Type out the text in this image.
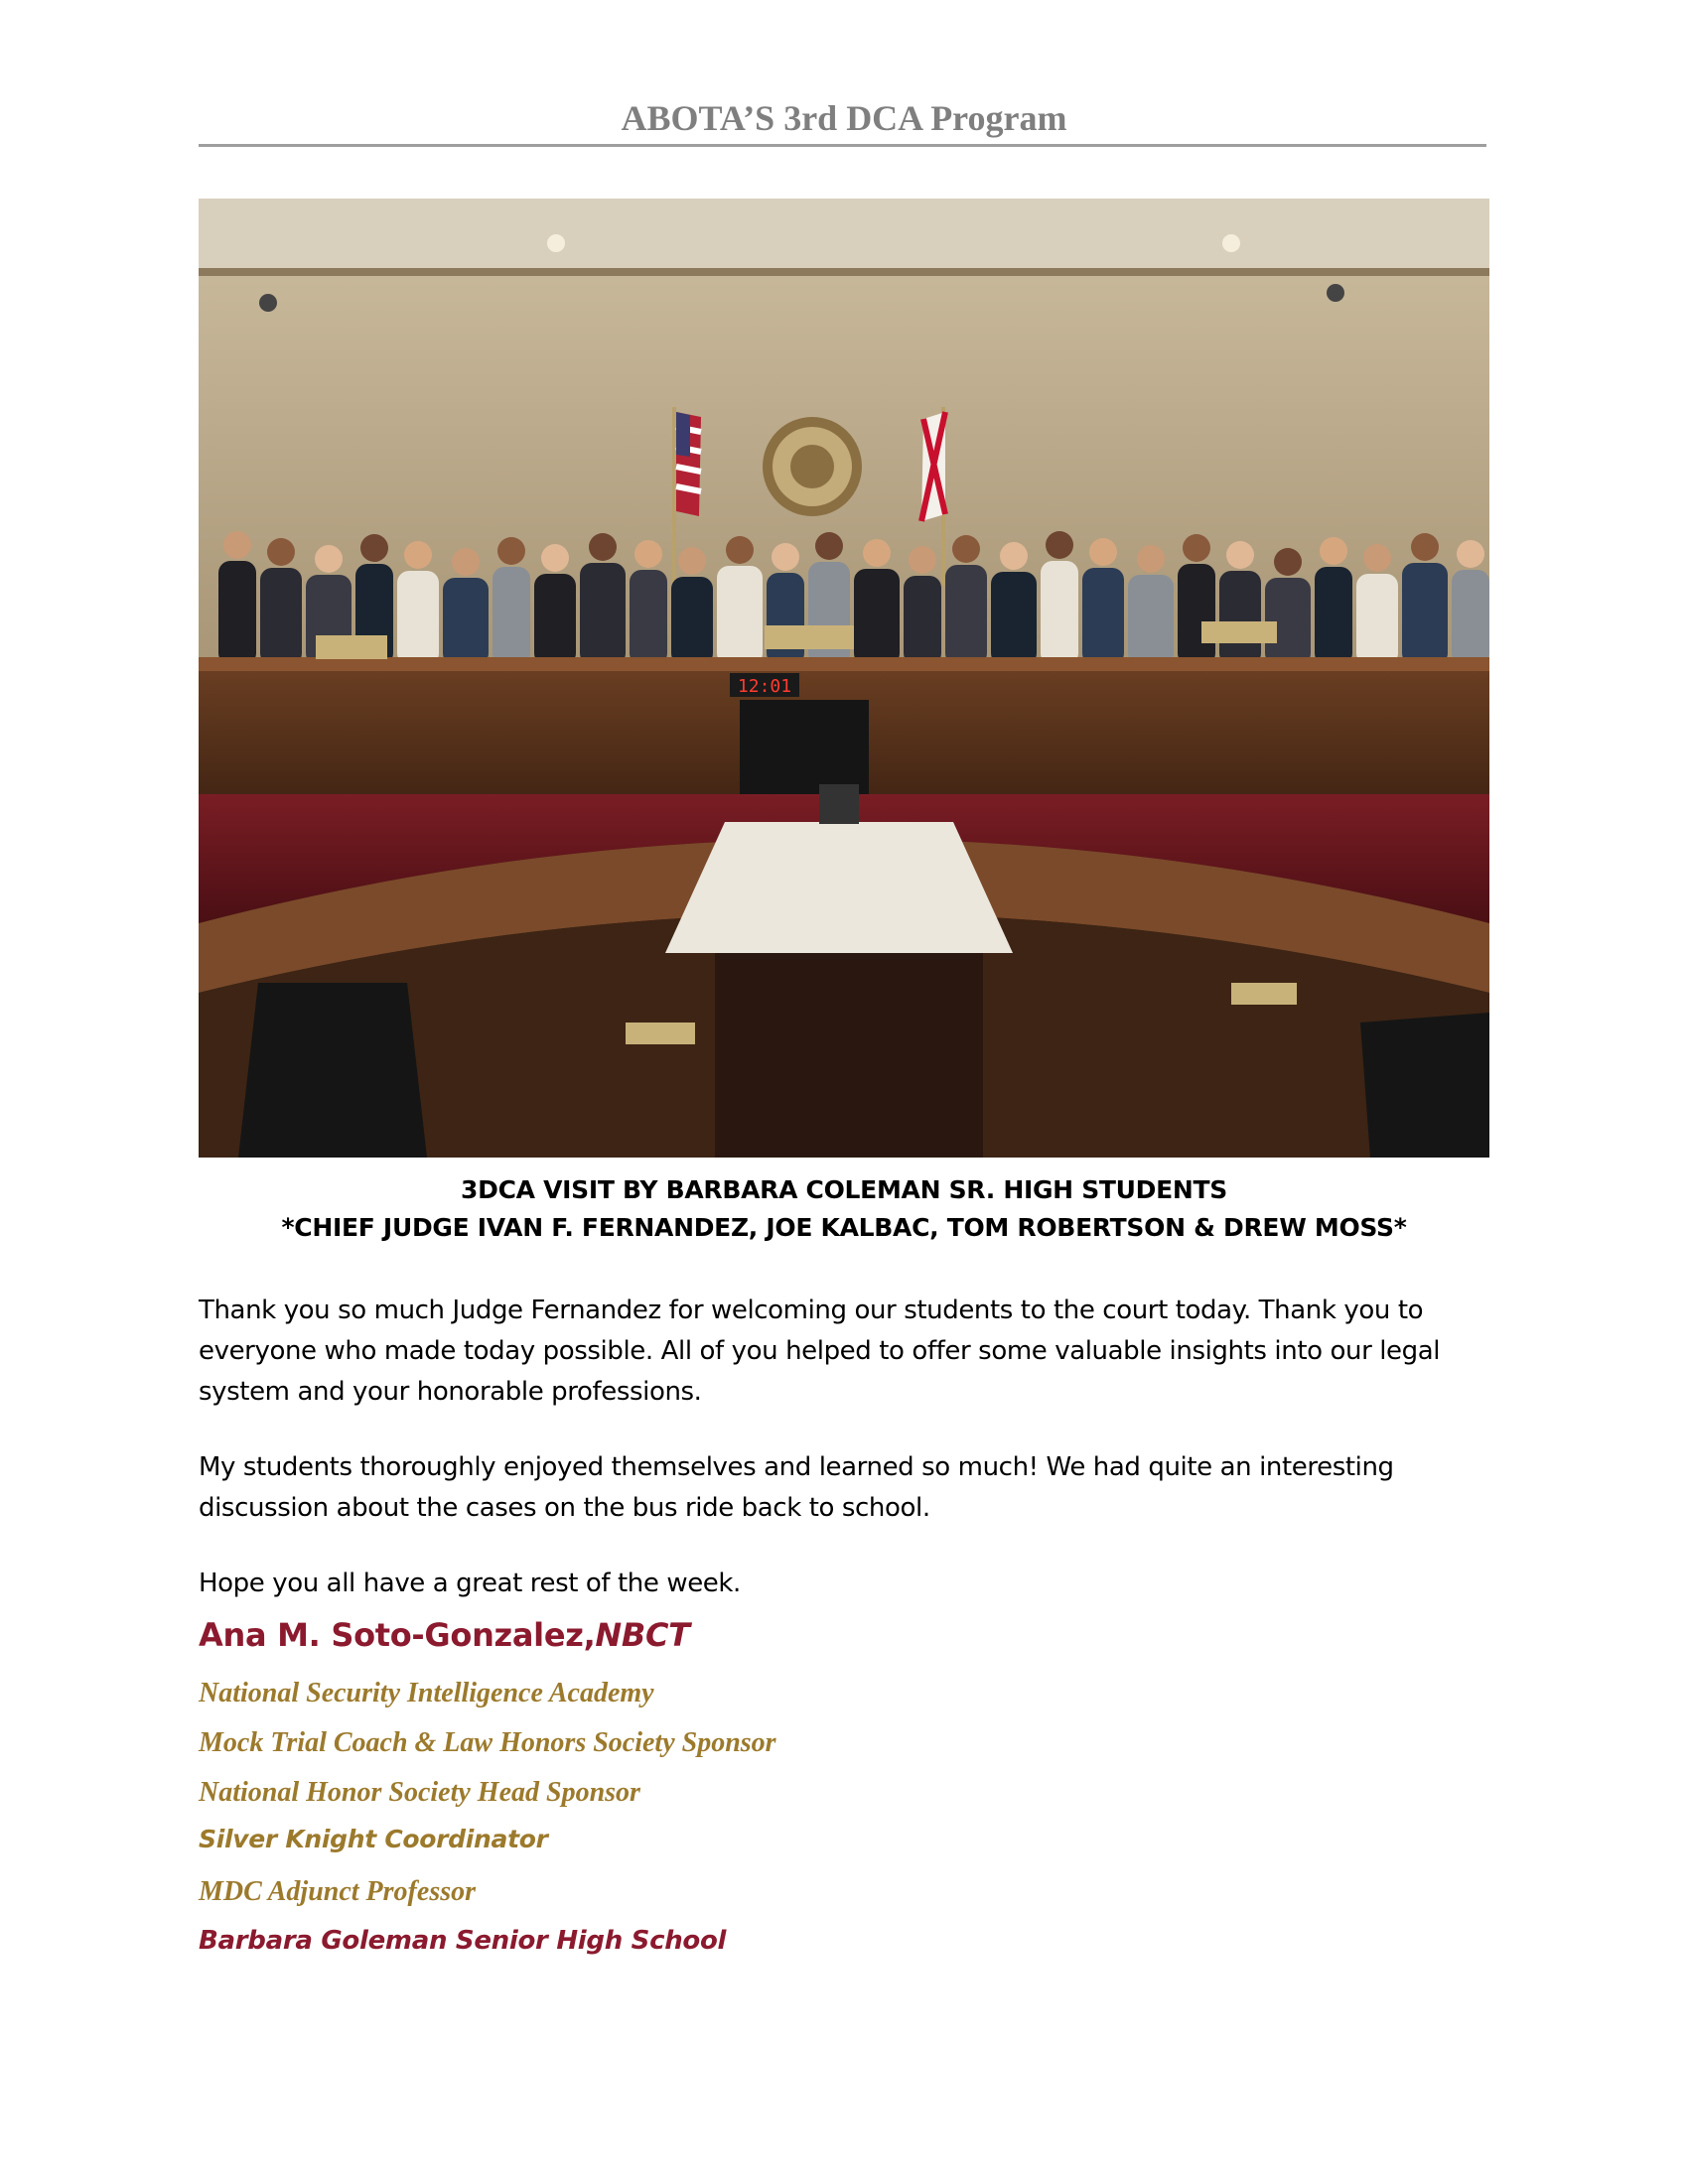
ABOTA’S 3rd DCA Program
12:01
3DCA VISIT BY BARBARA COLEMAN SR. HIGH STUDENTS
*CHIEF JUDGE IVAN F. FERNANDEZ, JOE KALBAC, TOM ROBERTSON & DREW MOSS*
Thank you so much Judge Fernandez for welcoming our students to the court today. Thank you to everyone who made today possible. All of you helped to offer some valuable insights into our legal system and your honorable professions.
My students thoroughly enjoyed themselves and learned so much! We had quite an interesting discussion about the cases on the bus ride back to school.
Hope you all have a great rest of the week.
Ana M. Soto-Gonzalez,NBCT
National Security Intelligence Academy
Mock Trial Coach & Law Honors Society Sponsor
National Honor Society Head Sponsor
Silver Knight Coordinator
MDC Adjunct Professor
Barbara Goleman Senior High School
